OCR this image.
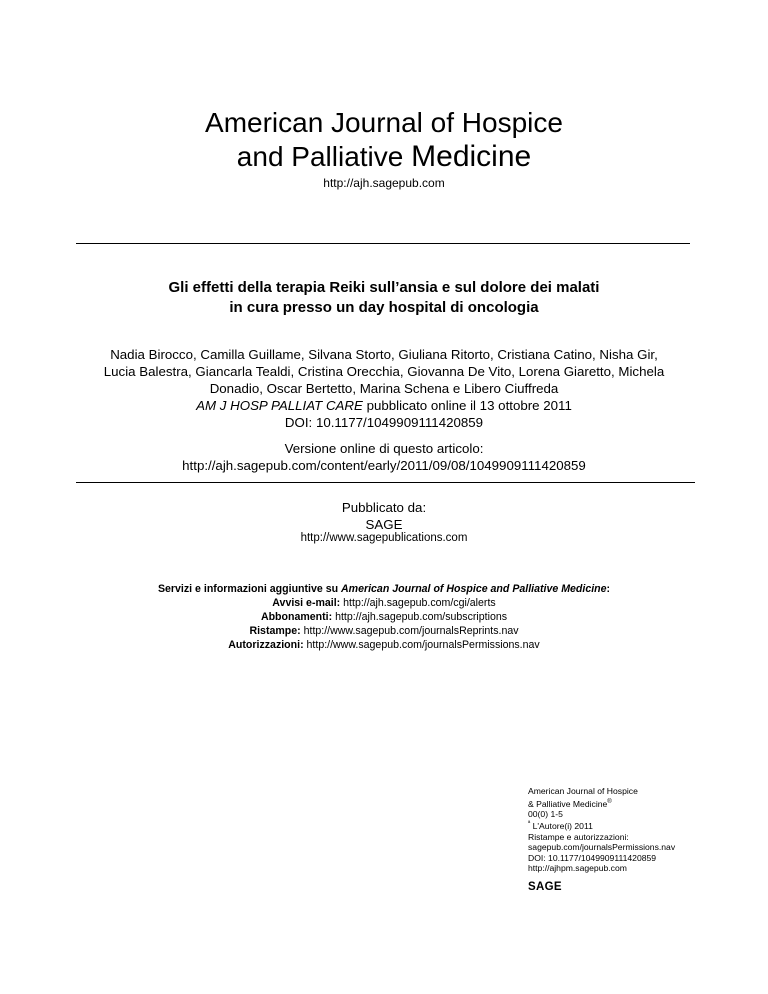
American Journal of Hospice
and Palliative Medicine
http://ajh.sagepub.com
Gli effetti della terapia Reiki sull’ansia e sul dolore dei malati
in cura presso un day hospital di oncologia
Nadia Birocco, Camilla Guillame, Silvana Storto, Giuliana Ritorto, Cristiana Catino, Nisha Gir,
Lucia Balestra, Giancarla Tealdi, Cristina Orecchia, Giovanna De Vito, Lorena Giaretto, Michela
Donadio, Oscar Bertetto, Marina Schena e Libero Ciuffreda
AM J HOSP PALLIAT CARE pubblicato online il 13 ottobre 2011
DOI: 10.1177/1049909111420859
Versione online di questo articolo:
http://ajh.sagepub.com/content/early/2011/09/08/1049909111420859
Pubblicato da:
SAGE
http://www.sagepublications.com
Servizi e informazioni aggiuntive su American Journal of Hospice and Palliative Medicine:
Avvisi e-mail: http://ajh.sagepub.com/cgi/alerts
Abbonamenti: http://ajh.sagepub.com/subscriptions
Ristampe: http://www.sagepub.com/journalsReprints.nav
Autorizzazioni: http://www.sagepub.com/journalsPermissions.nav
American Journal of Hospice
& Palliative Medicine®
00(0) 1-5
$^ª$ L'Autore(i) 2011
Ristampe e autorizzazioni:
sagepub.com/journalsPermissions.nav
DOI: 10.1177/1049909111420859
http://ajhpm.sagepub.com
SAGE
